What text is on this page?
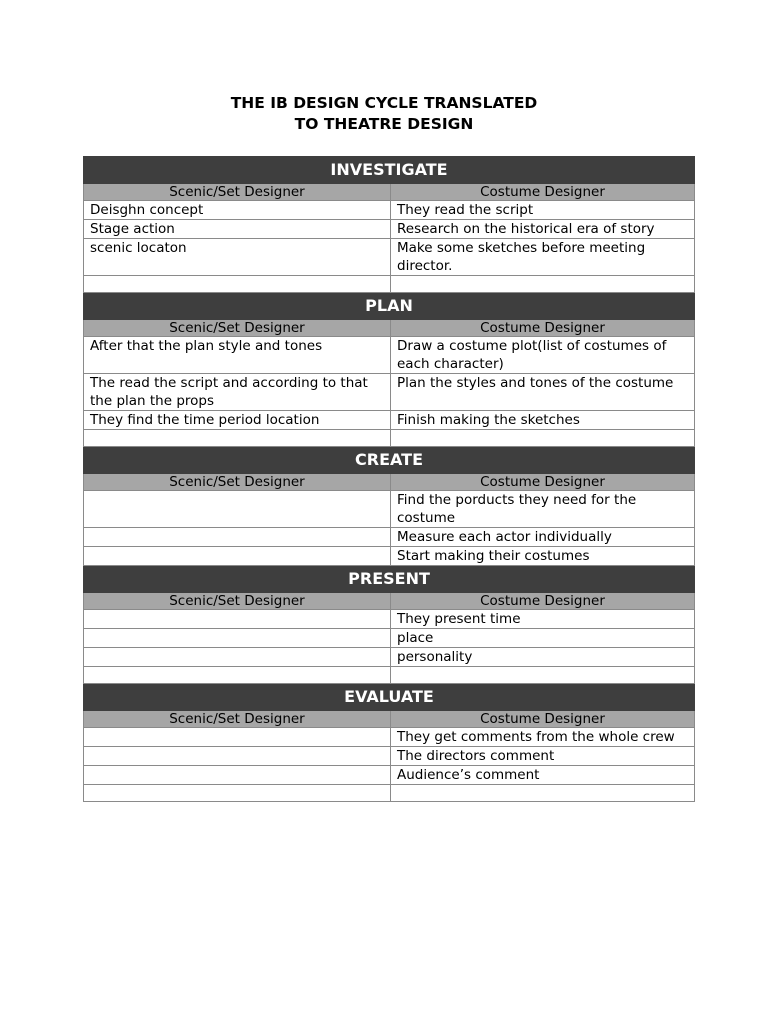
THE IB DESIGN CYCLE TRANSLATED
TO THEATRE DESIGN
INVESTIGATE	
Scenic/Set Designer	Costume Designer
Deisghn concept	They read the script
Stage action	Research on the historical era of story
scenic locaton	Make some sketches before meeting director.

PLAN	
Scenic/Set Designer	Costume Designer
After that the plan style and tones	Draw a costume plot(list of costumes of each character)
The read the script and according to that the plan the props	Plan the styles and tones of the costume
They find the time period location	Finish making the sketches

CREATE	
Scenic/Set Designer	Costume Designer
	Find the porducts they need for the costume
	Measure each actor individually
	Start making their costumes
PRESENT	
Scenic/Set Designer	Costume Designer
	They present time
	place
	personality

EVALUATE	
Scenic/Set Designer	Costume Designer
	They get comments from the whole crew
	The directors comment
	Audience’s comment
